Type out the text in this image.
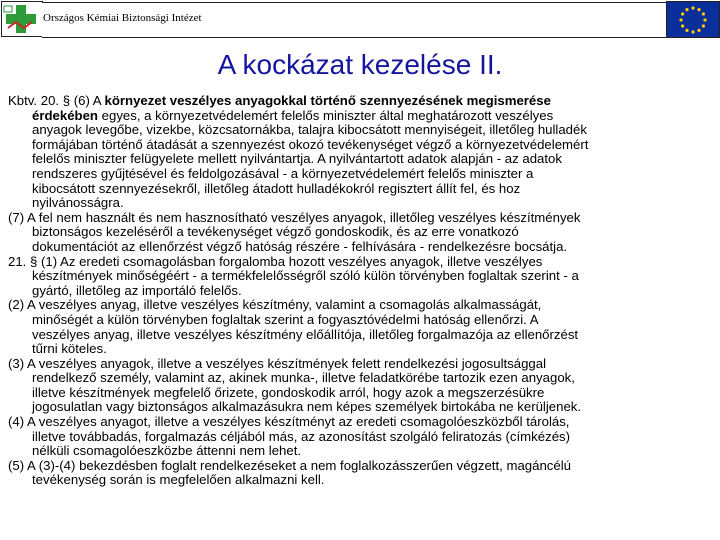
Országos Kémiai Biztonsági Intézet
A kockázat kezelése II.
Kbtv. 20. § (6) A környezet veszélyes anyagokkal történő szennyezésének megismerése
érdekében egyes, a környezetvédelemért felelős miniszter által meghatározott veszélyes
anyagok levegőbe, vizekbe, közcsatornákba, talajra kibocsátott mennyiségeit, illetőleg hulladék
formájában történő átadását a szennyezést okozó tevékenységet végző a környezetvédelemért
felelős miniszter felügyelete mellett nyilvántartja. A nyilvántartott adatok alapján - az adatok
rendszeres gyűjtésével és feldolgozásával - a környezetvédelemért felelős miniszter a
kibocsátott szennyezésekről, illetőleg átadott hulladékokról regisztert állít fel, és hoz
nyilvánosságra.
(7) A fel nem használt és nem hasznosítható veszélyes anyagok, illetőleg veszélyes készítmények
biztonságos kezeléséről a tevékenységet végző gondoskodik, és az erre vonatkozó
dokumentációt az ellenőrzést végző hatóság részére - felhívására - rendelkezésre bocsátja.
21. § (1) Az eredeti csomagolásban forgalomba hozott veszélyes anyagok, illetve veszélyes
készítmények minőségéért - a termékfelelősségről szóló külön törvényben foglaltak szerint - a
gyártó, illetőleg az importáló felelős.
(2) A veszélyes anyag, illetve veszélyes készítmény, valamint a csomagolás alkalmasságát,
minőségét a külön törvényben foglaltak szerint a fogyasztóvédelmi hatóság ellenőrzi. A
veszélyes anyag, illetve veszélyes készítmény előállítója, illetőleg forgalmazója az ellenőrzést
tűrni köteles.
(3) A veszélyes anyagok, illetve a veszélyes készítmények felett rendelkezési jogosultsággal
rendelkező személy, valamint az, akinek munka-, illetve feladatkörébe tartozik ezen anyagok,
illetve készítmények megfelelő őrizete, gondoskodik arról, hogy azok a megszerzésükre
jogosulatlan vagy biztonságos alkalmazásukra nem képes személyek birtokába ne kerüljenek.
(4) A veszélyes anyagot, illetve a veszélyes készítményt az eredeti csomagolóeszközből tárolás,
illetve továbbadás, forgalmazás céljából más, az azonosítást szolgáló feliratozás (címkézés)
nélküli csomagolóeszközbe áttenni nem lehet.
(5) A (3)-(4) bekezdésben foglalt rendelkezéseket a nem foglalkozásszerűen végzett, magáncélú
tevékenység során is megfelelően alkalmazni kell.
